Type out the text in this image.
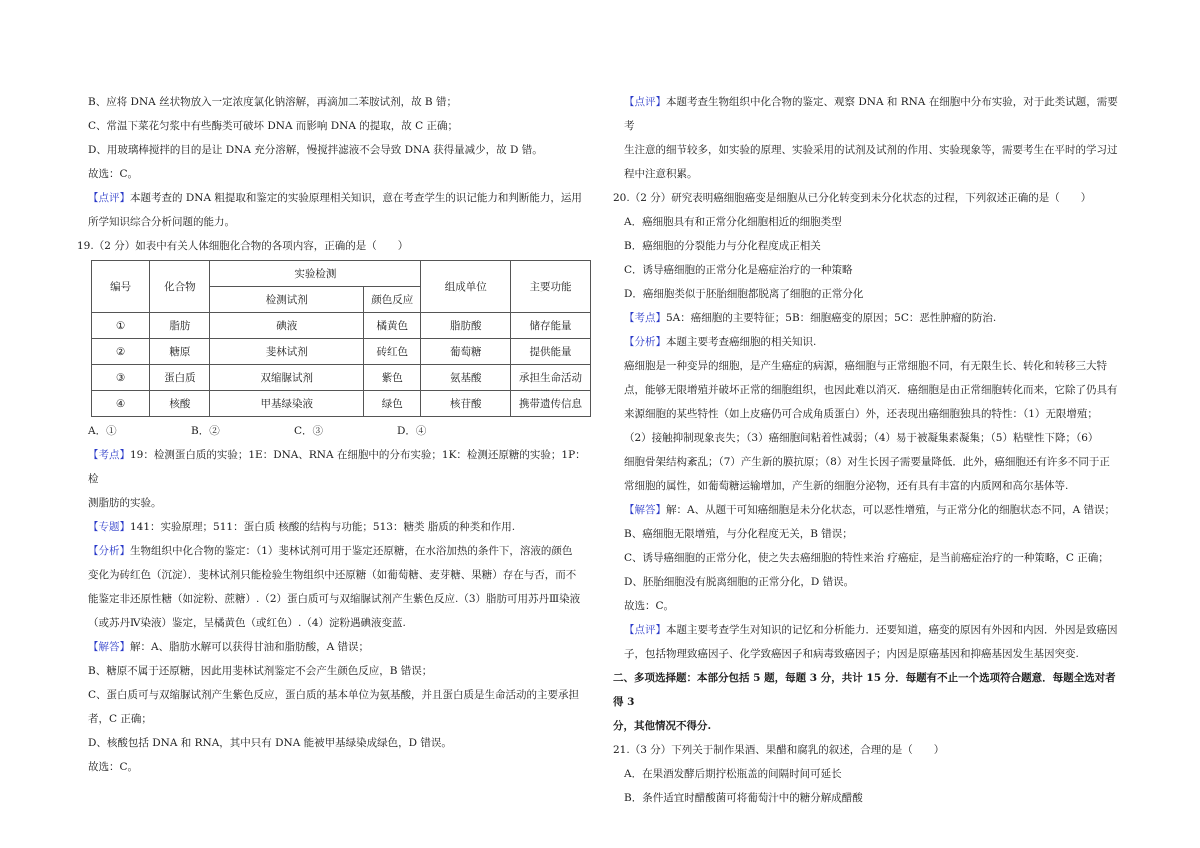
B、应将 DNA 丝状物放入一定浓度氯化钠溶解，再滴加二苯胺试剂，故 B 错；

C、常温下菜花匀浆中有些酶类可破坏 DNA 而影响 DNA 的提取，故 C 正确；

D、用玻璃棒搅拌的目的是让 DNA 充分溶解，慢搅拌滤液不会导致 DNA 获得量减少，故 D 错。

故选：C。

【点评】本题考查的 DNA 粗提取和鉴定的实验原理相关知识，意在考查学生的识记能力和判断能力，运用

所学知识综合分析问题的能力。

19.（2 分）如表中有关人体细胞化合物的各项内容，正确的是（　　）

编号	化合物	实验检测		组成单位	主要功能
		检测试剂	颜色反应		
①	脂肪	碘液	橘黄色	脂肪酸	储存能量
②	糖原	斐林试剂	砖红色	葡萄糖	提供能量
③	蛋白质	双缩脲试剂	紫色	氨基酸	承担生命活动
④	核酸	甲基绿染液	绿色	核苷酸	携带遗传信息

A．①	B．②	C．③	D．④

【考点】19：检测蛋白质的实验；1E：DNA、RNA 在细胞中的分布实验；1K：检测还原糖的实验；1P：检

测脂肪的实验。

【专题】141：实验原理；511：蛋白质 核酸的结构与功能；513：糖类 脂质的种类和作用.

【分析】生物组织中化合物的鉴定：（1）斐林试剂可用于鉴定还原糖，在水浴加热的条件下，溶液的颜色

变化为砖红色（沉淀）．斐林试剂只能检验生物组织中还原糖（如葡萄糖、麦芽糖、果糖）存在与否，而不

能鉴定非还原性糖（如淀粉、蔗糖）.（2）蛋白质可与双缩脲试剂产生紫色反应.（3）脂肪可用苏丹Ⅲ染液

（或苏丹Ⅳ染液）鉴定，呈橘黄色（或红色）.（4）淀粉遇碘液变蓝.

【解答】解：A、脂肪水解可以获得甘油和脂肪酸，A 错误；

B、糖原不属于还原糖，因此用斐林试剂鉴定不会产生颜色反应，B 错误；

C、蛋白质可与双缩脲试剂产生紫色反应，蛋白质的基本单位为氨基酸，并且蛋白质是生命活动的主要承担

者，C 正确；

D、核酸包括 DNA 和 RNA，其中只有 DNA 能被甲基绿染成绿色，D 错误。

故选：C。

【点评】本题考查生物组织中化合物的鉴定、观察 DNA 和 RNA 在细胞中分布实验，对于此类试题，需要考

生注意的细节较多，如实验的原理、实验采用的试剂及试剂的作用、实验现象等，需要考生在平时的学习过

程中注意积累。

20.（2 分）研究表明癌细胞癌变是细胞从已分化转变到未分化状态的过程，下列叙述正确的是（　　）

A．癌细胞具有和正常分化细胞相近的细胞类型

B．癌细胞的分裂能力与分化程度成正相关

C．诱导癌细胞的正常分化是癌症治疗的一种策略

D．癌细胞类似于胚胎细胞都脱离了细胞的正常分化

【考点】5A：癌细胞的主要特征；5B：细胞癌变的原因；5C：恶性肿瘤的防治.

【分析】本题主要考查癌细胞的相关知识.

癌细胞是一种变异的细胞，是产生癌症的病源，癌细胞与正常细胞不同，有无限生长、转化和转移三大特

点，能够无限增殖并破坏正常的细胞组织，也因此难以消灭．癌细胞是由正常细胞转化而来，它除了仍具有

来源细胞的某些特性（如上皮癌仍可合成角质蛋白）外，还表现出癌细胞独具的特性：（1）无限增殖；

（2）接触抑制现象丧失；（3）癌细胞间粘着性减弱；（4）易于被凝集素凝集；（5）粘壁性下降；（6）

细胞骨架结构紊乱；（7）产生新的膜抗原；（8）对生长因子需要量降低．此外，癌细胞还有许多不同于正

常细胞的属性，如葡萄糖运输增加，产生新的细胞分泌物，还有具有丰富的内质网和高尔基体等.

【解答】解：A、从题干可知癌细胞是未分化状态，可以恶性增殖，与正常分化的细胞状态不同，A 错误；

B、癌细胞无限增殖，与分化程度无关，B 错误；

C、诱导癌细胞的正常分化，使之失去癌细胞的特性来治 疗癌症，是当前癌症治疗的一种策略，C 正确；

D、胚胎细胞没有脱离细胞的正常分化，D 错误。

故选：C。

【点评】本题主要考查学生对知识的记忆和分析能力．还要知道，癌变的原因有外因和内因．外因是致癌因

子，包括物理致癌因子、化学致癌因子和病毒致癌因子；内因是原癌基因和抑癌基因发生基因突变.

二、多项选择题：本部分包括 5 题，每题 3 分，共计 15 分．每题有不止一个选项符合题意．每题全选对者得 3

分，其他情况不得分.

21.（3 分）下列关于制作果酒、果醋和腐乳的叙述，合理的是（　　）

A．在果酒发酵后期拧松瓶盖的间隔时间可延长

B．条件适宜时醋酸菌可将葡萄汁中的糖分解成醋酸
